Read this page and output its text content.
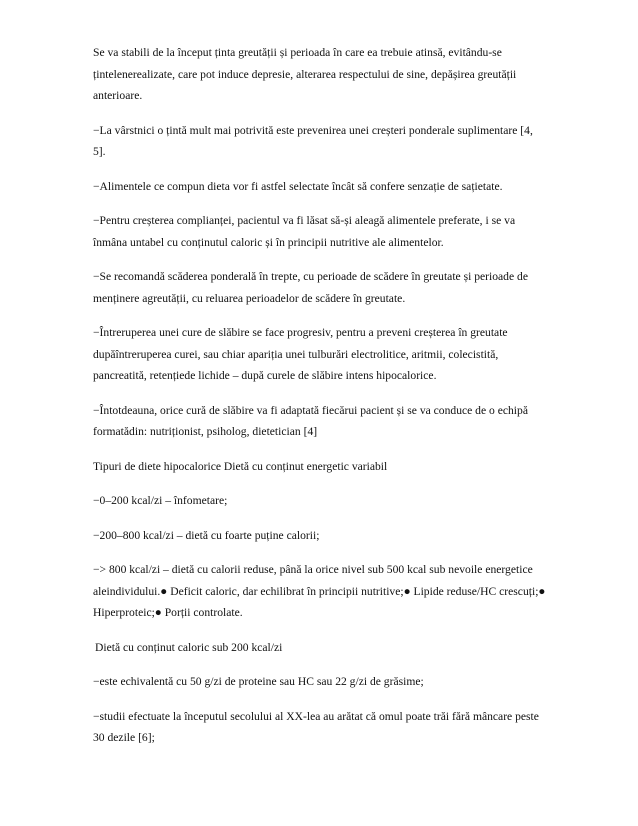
Se va stabili de la început ținta greutății și perioada în care ea trebuie atinsă, evitându-se țintelenerealizate, care pot induce depresie, alterarea respectului de sine, depășirea greutății anterioare.

−La vârstnici o țintă mult mai potrivită este prevenirea unei creșteri ponderale suplimentare [4, 5].

−Alimentele ce compun dieta vor fi astfel selectate încât să confere senzație de sațietate.

−Pentru creșterea complianței, pacientul va fi lăsat să-și aleagă alimentele preferate, i se va înmâna untabel cu conținutul caloric și în principii nutritive ale alimentelor.

−Se recomandă scăderea ponderală în trepte, cu perioade de scădere în greutate și perioade de menținere agreutății, cu reluarea perioadelor de scădere în greutate.

−Întreruperea unei cure de slăbire se face progresiv, pentru a preveni creșterea în greutate dupăîntreruperea curei, sau chiar apariția unei tulburări electrolitice, aritmii, colecistită, pancreatită, retențiede lichide – după curele de slăbire intens hipocalorice.

−Întotdeauna, orice cură de slăbire va fi adaptată fiecărui pacient și se va conduce de o echipă formatădin: nutriționist, psiholog, dietetician [4]

Tipuri de diete hipocalorice Dietă cu conținut energetic variabil

−0–200 kcal/zi – înfometare;

−200–800 kcal/zi – dietă cu foarte puține calorii;

−> 800 kcal/zi – dietă cu calorii reduse, până la orice nivel sub 500 kcal sub nevoile energetice aleindividului.● Deficit caloric, dar echilibrat în principii nutritive;● Lipide reduse/HC crescuți;● Hiperproteic;● Porții controlate.

Dietă cu conținut caloric sub 200 kcal/zi

−este echivalentă cu 50 g/zi de proteine sau HC sau 22 g/zi de grăsime;

−studii efectuate la începutul secolului al XX-lea au arătat că omul poate trăi fără mâncare peste 30 dezile [6];
